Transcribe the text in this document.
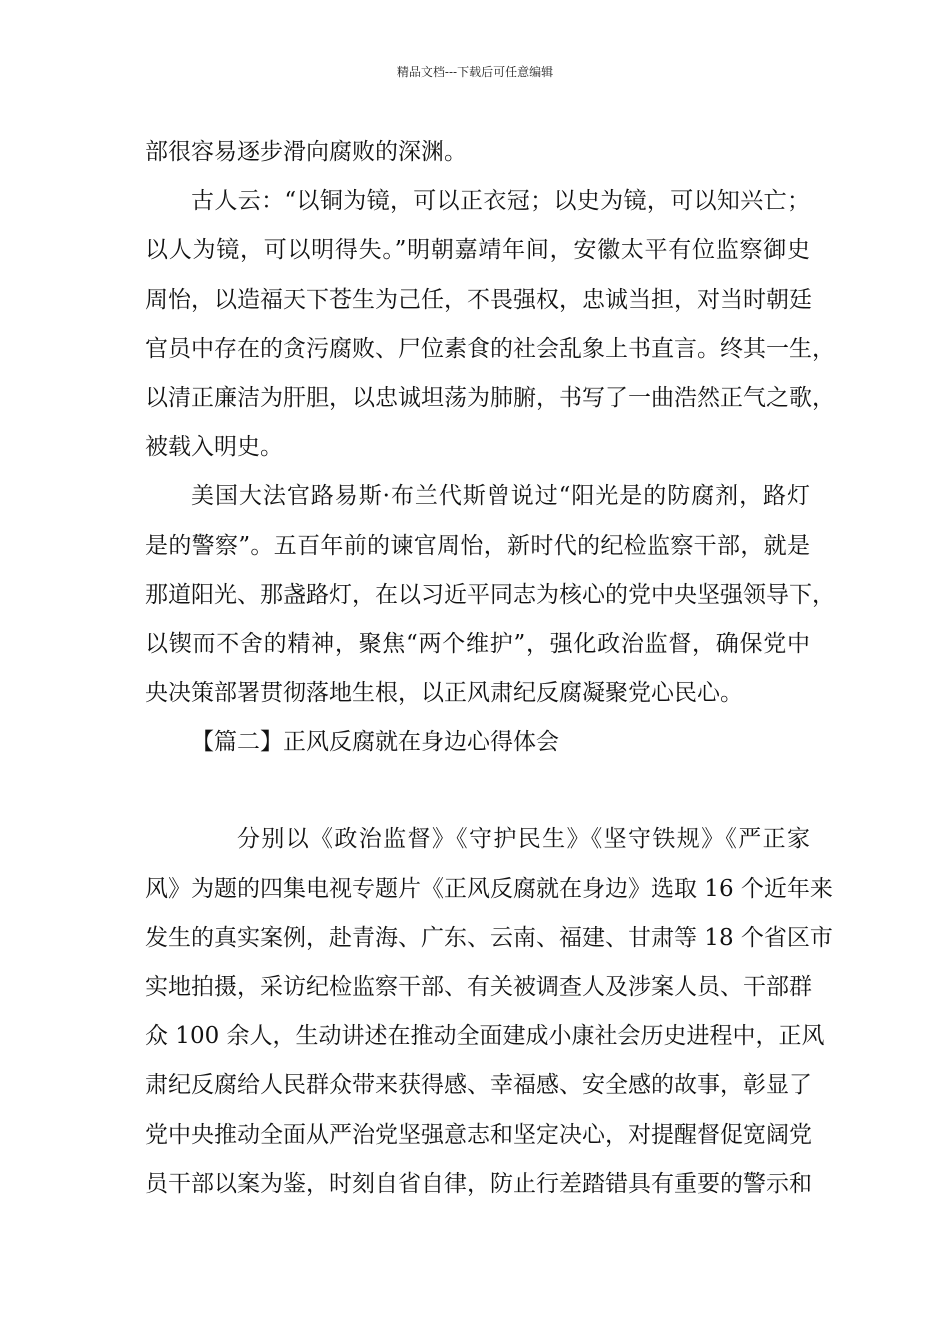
精品文档---下载后可任意编辑
部很容易逐步滑向腐败的深渊。
古人云：“以铜为镜，可以正衣冠；以史为镜，可以知兴亡；
以人为镜，可以明得失。”明朝嘉靖年间，安徽太平有位监察御史
周怡，以造福天下苍生为己任，不畏强权，忠诚当担，对当时朝廷
官员中存在的贪污腐败、尸位素食的社会乱象上书直言。终其一生，
以清正廉洁为肝胆，以忠诚坦荡为肺腑，书写了一曲浩然正气之歌，
被载入明史。
美国大法官路易斯·布兰代斯曾说过“阳光是的防腐剂，路灯
是的警察”。五百年前的谏官周怡，新时代的纪检监察干部，就是
那道阳光、那盏路灯，在以习近平同志为核心的党中央坚强领导下，
以锲而不舍的精神，聚焦“两个维护”，强化政治监督，确保党中
央决策部署贯彻落地生根，以正风肃纪反腐凝聚党心民心。
【篇二】正风反腐就在身边心得体会
分别以《政治监督》《守护民生》《坚守铁规》《严正家
风》为题的四集电视专题片《正风反腐就在身边》选取 16 个近年来
发生的真实案例，赴青海、广东、云南、福建、甘肃等 18 个省区市
实地拍摄，采访纪检监察干部、有关被调查人及涉案人员、干部群
众 100 余人，生动讲述在推动全面建成小康社会历史进程中，正风
肃纪反腐给人民群众带来获得感、幸福感、安全感的故事，彰显了
党中央推动全面从严治党坚强意志和坚定决心，对提醒督促宽阔党
员干部以案为鉴，时刻自省自律，防止行差踏错具有重要的警示和
